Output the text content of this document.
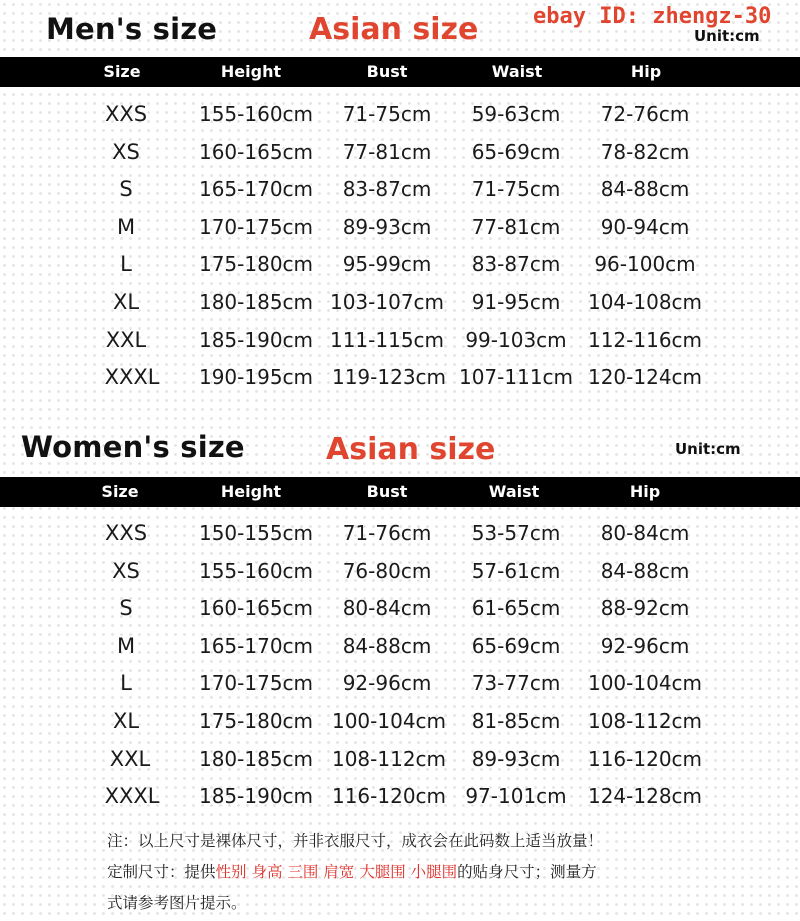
Men's size	Asian size ebay ID: zhengz-30
Unit:cm
Size	Height	Bust	Waist	Hip
XXS	155-160cm 71-75cm 59-63cm 72-76cm
XS	160-165cm 77-81cm 65-69cm 78-82cm
S	165-170cm 83-87cm 71-75cm 84-88cm
M	170-175cm 89-93cm 77-81cm 90-94cm
L	175-180cm 95-99cm 83-87cm 96-100cm
XL	180-185cm 103-107cm 91-95cm 104-108cm
XXL	185-190cm 111-115cm 99-103cm 112-116cm
XXXL 190-195cm 119-123cm 107-111cm 120-124cm
Women's size	Asian size	Unit:cm
Size	Height	Bust	Waist	Hip
XXS	150-155cm 71-76cm 53-57cm 80-84cm
XS	155-160cm 76-80cm 57-61cm 84-88cm
S	160-165cm 80-84cm 61-65cm 88-92cm
M	165-170cm 84-88cm 65-69cm 92-96cm
L	170-175cm 92-96cm 73-77cm 100-104cm
XL	175-180cm 100-104cm 81-85cm 108-112cm
XXL 180-185cm 108-112cm 89-93cm 116-120cm
XXXL 185-190cm 116-120cm 97-101cm 124-128cm

注：以上尺寸是裸体尺寸，并非衣服尺寸，成衣会在此码数上适当放量！

定制尺寸：提供性别 身高 三围 肩宽 大腿围 小腿围的贴身尺寸；测量方

式请参考图片提示。
